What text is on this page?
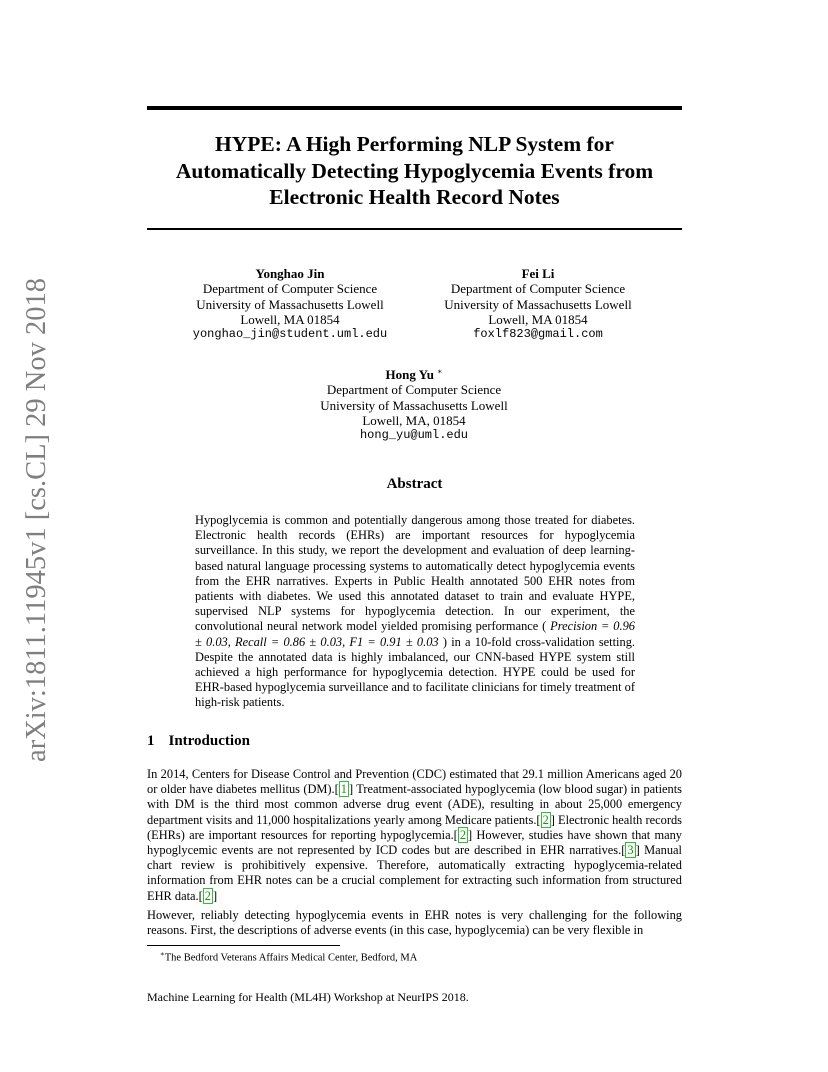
arXiv:1811.11945v1 [cs.CL] 29 Nov 2018
HYPE: A High Performing NLP System for
Automatically Detecting Hypoglycemia Events from
Electronic Health Record Notes
Yonghao Jin
Department of Computer Science
University of Massachusetts Lowell
Lowell, MA 01854
yonghao_jin@student.uml.edu
Fei Li
Department of Computer Science
University of Massachusetts Lowell
Lowell, MA 01854
foxlf823@gmail.com
Hong Yu ∗
Department of Computer Science
University of Massachusetts Lowell
Lowell, MA, 01854
hong_yu@uml.edu
Abstract
Hypoglycemia is common and potentially dangerous among those treated for diabetes. Electronic health records (EHRs) are important resources for hypoglycemia surveillance. In this study, we report the development and evaluation of deep learning-based natural language processing systems to automatically detect hypoglycemia events from the EHR narratives. Experts in Public Health annotated 500 EHR notes from patients with diabetes. We used this annotated dataset to train and evaluate HYPE, supervised NLP systems for hypoglycemia detection. In our experiment, the convolutional neural network model yielded promising performance ( Precision = 0.96 ± 0.03, Recall = 0.86 ± 0.03, F1 = 0.91 ± 0.03 ) in a 10-fold cross-validation setting. Despite the annotated data is highly imbalanced, our CNN-based HYPE system still achieved a high performance for hypoglycemia detection. HYPE could be used for EHR-based hypoglycemia surveillance and to facilitate clinicians for timely treatment of high-risk patients.
1 Introduction
In 2014, Centers for Disease Control and Prevention (CDC) estimated that 29.1 million Americans aged 20 or older have diabetes mellitus (DM). [ 1 ] Treatment-associated hypoglycemia (low blood sugar) in patients with DM is the third most common adverse drug event (ADE), resulting in about 25,000 emergency department visits and 11,000 hospitalizations yearly among Medicare patients. [ 2 ] Electronic health records (EHRs) are important resources for reporting hypoglycemia. [ 2 ] However, studies have shown that many hypoglycemic events are not represented by ICD codes but are described in EHR narratives. [ 3 ] Manual chart review is prohibitively expensive. Therefore, automatically extracting hypoglycemia-related information from EHR notes can be a crucial complement for extracting such information from structured EHR data. [ 2 ]
However, reliably detecting hypoglycemia events in EHR notes is very challenging for the following reasons. First, the descriptions of adverse events (in this case, hypoglycemia) can be very flexible in
∗The Bedford Veterans Affairs Medical Center, Bedford, MA
Machine Learning for Health (ML4H) Workshop at NeurIPS 2018.
